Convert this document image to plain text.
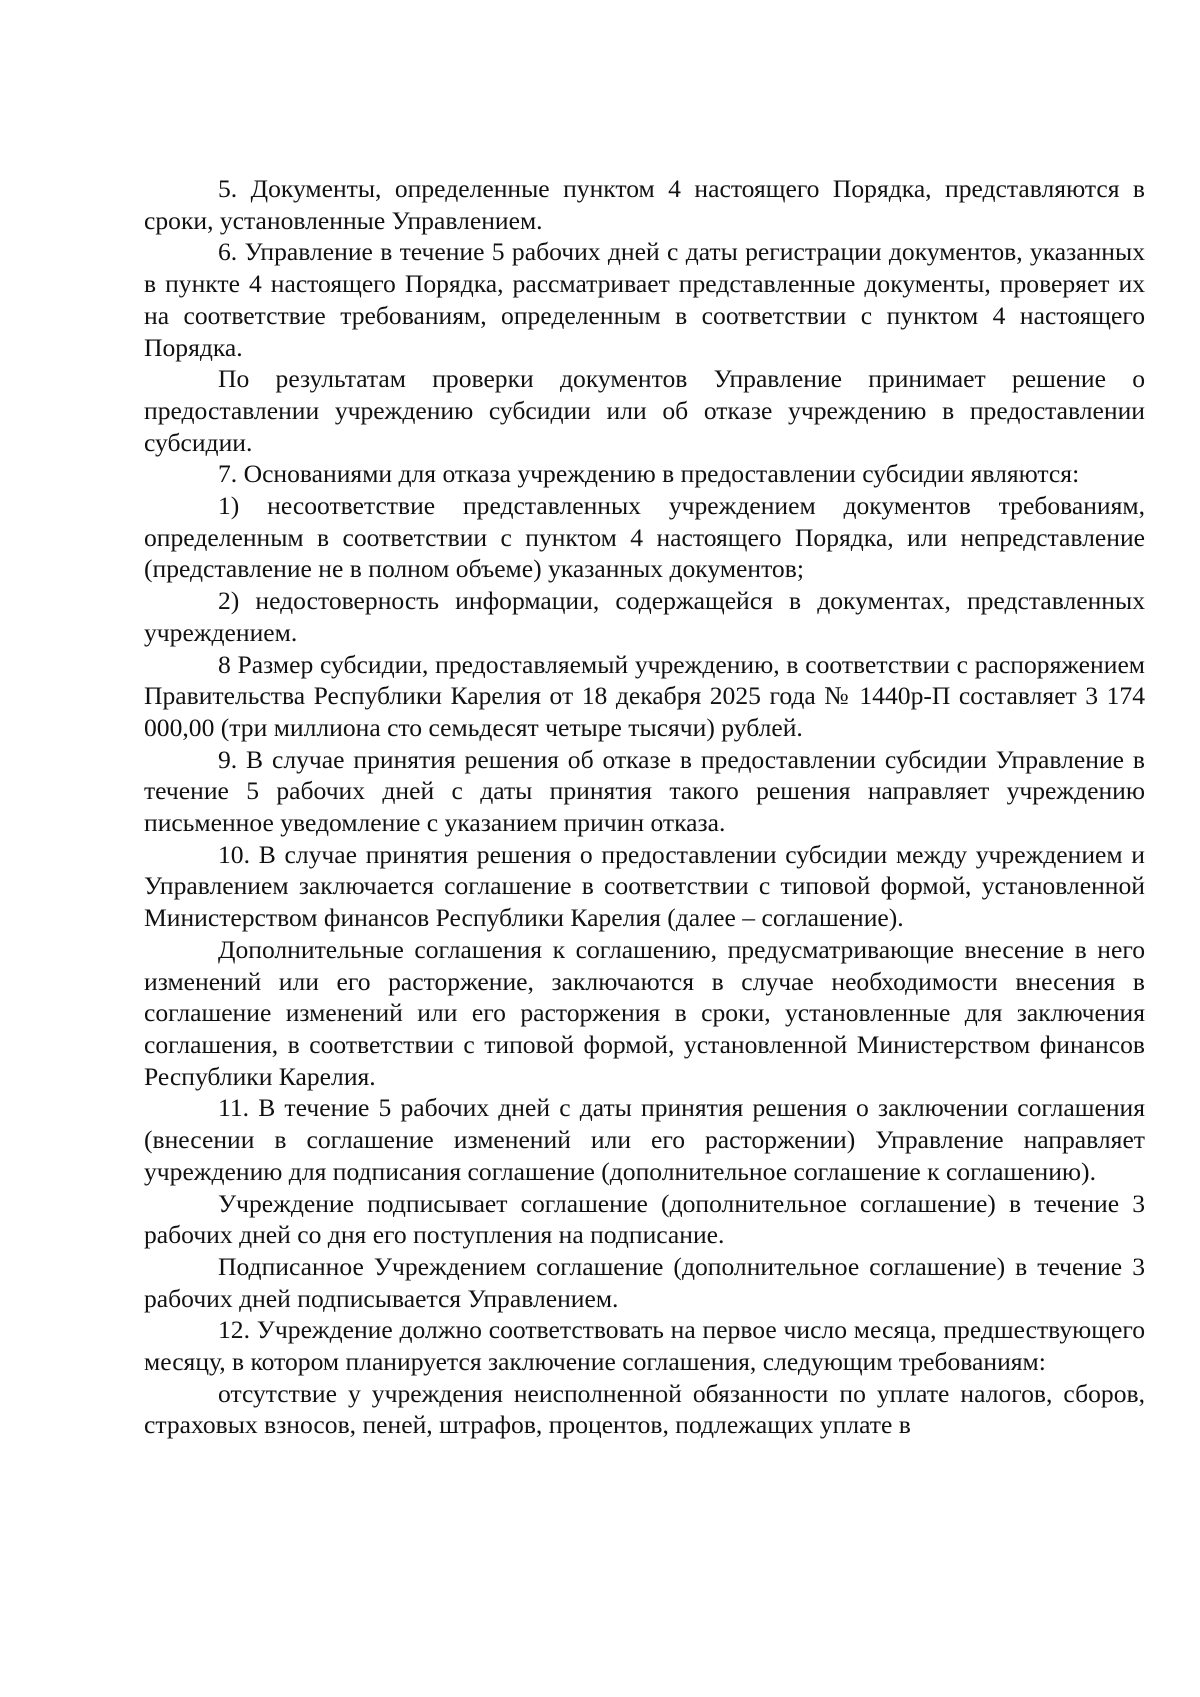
5. Документы, определенные пунктом 4 настоящего Порядка, представляются в сроки, установленные Управлением.

6. Управление в течение 5 рабочих дней с даты регистрации документов, указанных в пункте 4 настоящего Порядка, рассматривает представленные документы, проверяет их на соответствие требованиям, определенным в соответствии с пунктом 4 настоящего Порядка.

По результатам проверки документов Управление принимает решение о предоставлении учреждению субсидии или об отказе учреждению в предоставлении субсидии.

7. Основаниями для отказа учреждению в предоставлении субсидии являются:

1) несоответствие представленных учреждением документов требованиям, определенным в соответствии с пунктом 4 настоящего Порядка, или непредставление (представление не в полном объеме) указанных документов;

2) недостоверность информации, содержащейся в документах, представленных учреждением.

8 Размер субсидии, предоставляемый учреждению, в соответствии с распоряжением Правительства Республики Карелия от 18 декабря 2025 года № 1440р-П составляет 3 174 000,00 (три миллиона сто семьдесят четыре тысячи) рублей.

9. В случае принятия решения об отказе в предоставлении субсидии Управление в течение 5 рабочих дней с даты принятия такого решения направляет учреждению письменное уведомление с указанием причин отказа.

10. В случае принятия решения о предоставлении субсидии между учреждением и Управлением заключается соглашение в соответствии с типовой формой, установленной Министерством финансов Республики Карелия (далее – соглашение).

Дополнительные соглашения к соглашению, предусматривающие внесение в него изменений или его расторжение, заключаются в случае необходимости внесения в соглашение изменений или его расторжения в сроки, установленные для заключения соглашения, в соответствии с типовой формой, установленной Министерством финансов Республики Карелия.

11. В течение 5 рабочих дней с даты принятия решения о заключении соглашения (внесении в соглашение изменений или его расторжении) Управление направляет учреждению для подписания соглашение (дополнительное соглашение к соглашению).

Учреждение подписывает соглашение (дополнительное соглашение) в течение 3 рабочих дней со дня его поступления на подписание.

Подписанное Учреждением соглашение (дополнительное соглашение) в течение 3 рабочих дней подписывается Управлением.

12. Учреждение должно соответствовать на первое число месяца, предшествующего месяцу, в котором планируется заключение соглашения, следующим требованиям:

отсутствие у учреждения неисполненной обязанности по уплате налогов, сборов, страховых взносов, пеней, штрафов, процентов, подлежащих уплате в
